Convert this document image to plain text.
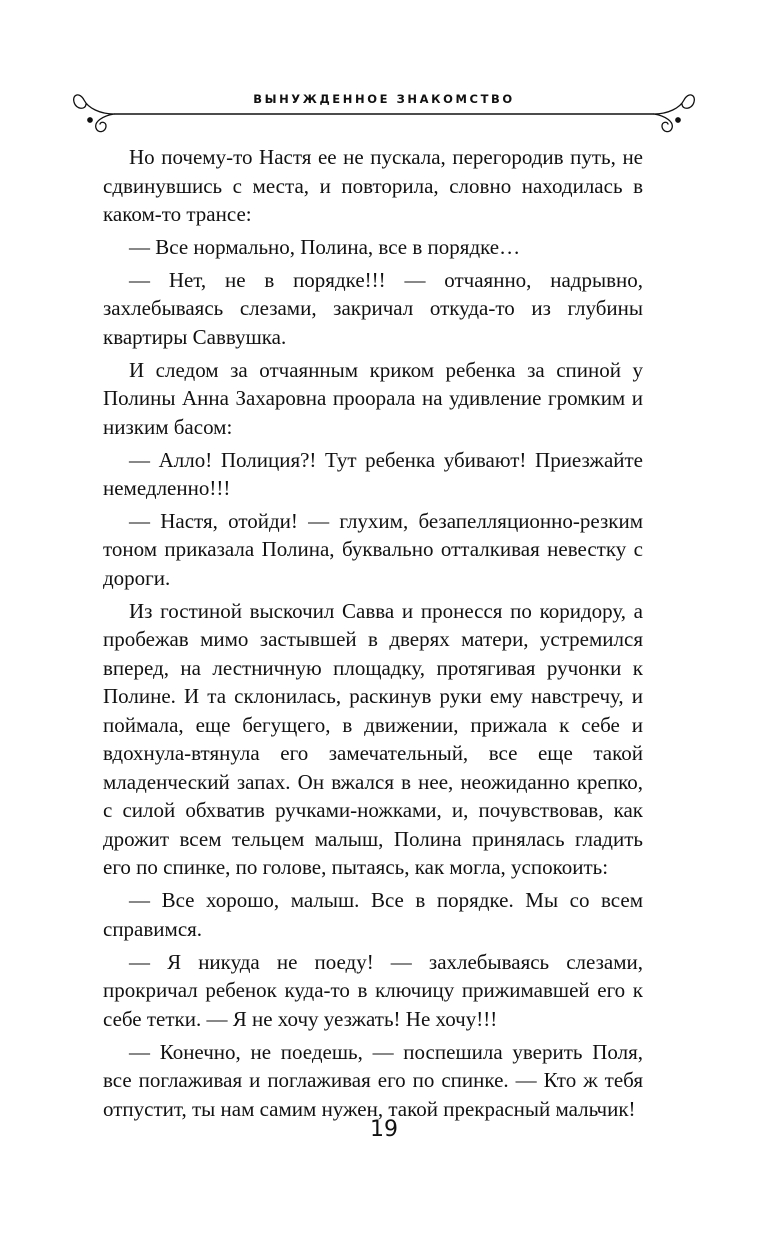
ВЫНУЖДЕННОЕ ЗНАКОМСТВО

Но почему-то Настя ее не пускала, перегородив путь, не сдвинувшись с места, и повторила, словно находилась в каком-то трансе:

— Все нормально, Полина, все в порядке…

— Нет, не в порядке!!! — отчаянно, надрывно, захлебываясь слезами, закричал откуда-то из глубины квартиры Саввушка.

И следом за отчаянным криком ребенка за спиной у Полины Анна Захаровна проорала на удивление громким и низким басом:

— Алло! Полиция?! Тут ребенка убивают! Приезжайте немедленно!!!

— Настя, отойди! — глухим, безапелляционно-резким тоном приказала Полина, буквально отталкивая невестку с дороги.

Из гостиной выскочил Савва и пронесся по коридору, а пробежав мимо застывшей в дверях матери, устремился вперед, на лестничную площадку, протягивая ручонки к Полине. И та склонилась, раскинув руки ему навстречу, и поймала, еще бегущего, в движении, прижала к себе и вдохнула-втянула его замечательный, все еще такой младенческий запах. Он вжался в нее, неожиданно крепко, с силой обхватив ручками-ножками, и, почувствовав, как дрожит всем тельцем малыш, Полина принялась гладить его по спинке, по голове, пытаясь, как могла, успокоить:

— Все хорошо, малыш. Все в порядке. Мы со всем справимся.

— Я никуда не поеду! — захлебываясь слезами, прокричал ребенок куда-то в ключицу прижимавшей его к себе тетки. — Я не хочу уезжать! Не хочу!!!

— Конечно, не поедешь, — поспешила уверить Поля, все поглаживая и поглаживая его по спинке. — Кто ж тебя отпустит, ты нам самим нужен, такой прекрасный мальчик!

19
